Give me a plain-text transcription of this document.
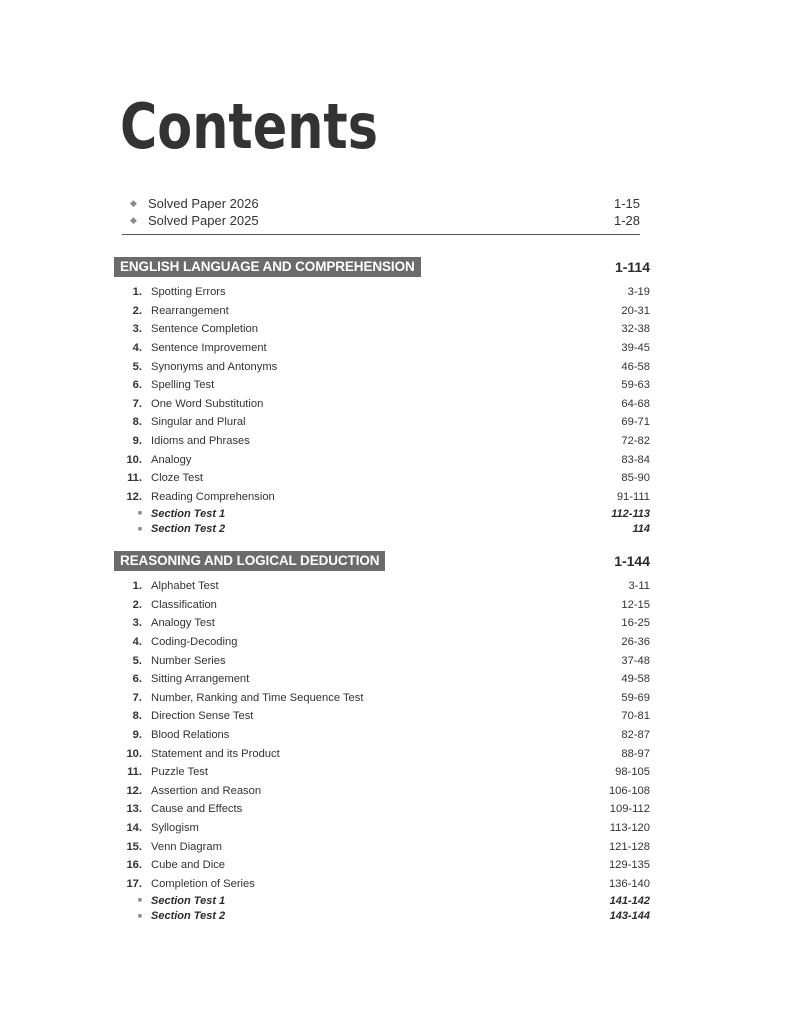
Contents
◆ Solved Paper 2026	1-15
◆ Solved Paper 2025	1-28
ENGLISH LANGUAGE AND COMPREHENSION	1-114
1. Spotting Errors	3-19
2. Rearrangement	20-31
3. Sentence Completion	32-38
4. Sentence Improvement	39-45
5. Synonyms and Antonyms	46-58
6. Spelling Test	59-63
7. One Word Substitution	64-68
8. Singular and Plural	69-71
9. Idioms and Phrases	72-82
10. Analogy	83-84
11. Cloze Test	85-90
12. Reading Comprehension	91-111
■ Section Test 1	112-113
■ Section Test 2	114
REASONING AND LOGICAL DEDUCTION	1-144
1. Alphabet Test	3-11
2. Classification	12-15
3. Analogy Test	16-25
4. Coding-Decoding	26-36
5. Number Series	37-48
6. Sitting Arrangement	49-58
7. Number, Ranking and Time Sequence Test	59-69
8. Direction Sense Test	70-81
9. Blood Relations	82-87
10. Statement and its Product	88-97
11. Puzzle Test	98-105
12. Assertion and Reason	106-108
13. Cause and Effects	109-112
14. Syllogism	113-120
15. Venn Diagram	121-128
16. Cube and Dice	129-135
17. Completion of Series	136-140
■ Section Test 1	141-142
■ Section Test 2	143-144
